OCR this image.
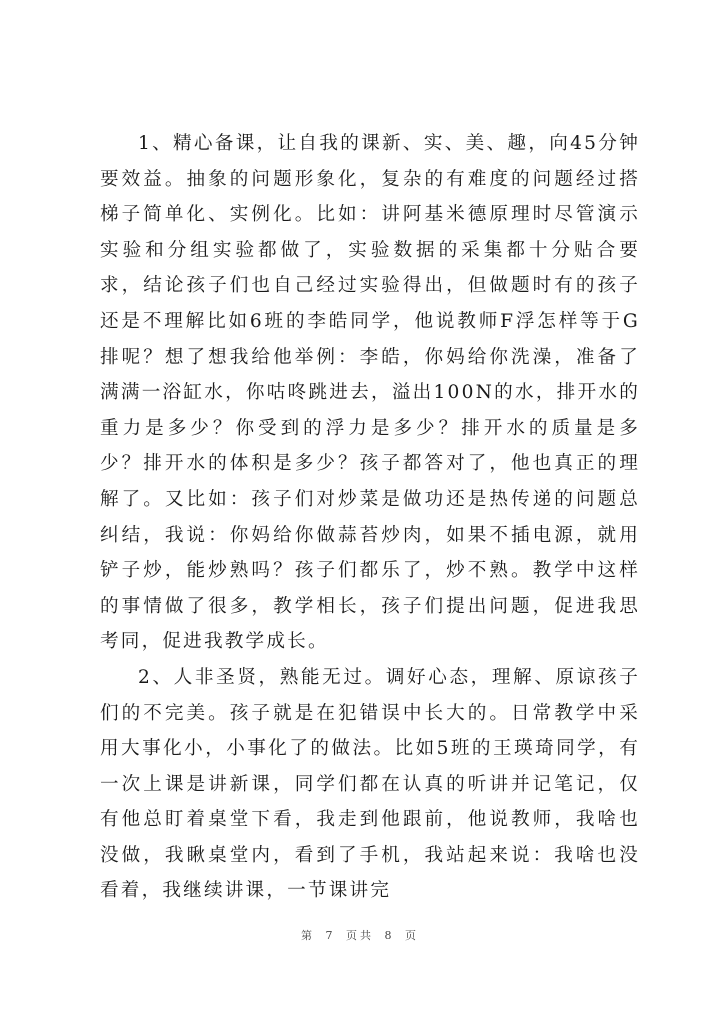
1、精心备课，让自我的课新、实、美、趣，向45分钟要效益。抽象的问题形象化，复杂的有难度的问题经过搭梯子简单化、实例化。比如：讲阿基米德原理时尽管演示实验和分组实验都做了，实验数据的采集都十分贴合要求，结论孩子们也自己经过实验得出，但做题时有的孩子还是不理解比如6班的李皓同学，他说教师F浮怎样等于G排呢？想了想我给他举例：李皓，你妈给你洗澡，准备了满满一浴缸水，你咕咚跳进去，溢出100N的水，排开水的重力是多少？你受到的浮力是多少？排开水的质量是多少？排开水的体积是多少？孩子都答对了，他也真正的理解了。又比如：孩子们对炒菜是做功还是热传递的问题总纠结，我说：你妈给你做蒜苔炒肉，如果不插电源，就用铲子炒，能炒熟吗？孩子们都乐了，炒不熟。教学中这样的事情做了很多，教学相长，孩子们提出问题，促进我思考同，促进我教学成长。

2、人非圣贤，熟能无过。调好心态，理解、原谅孩子们的不完美。孩子就是在犯错误中长大的。日常教学中采用大事化小，小事化了的做法。比如5班的王瑛琦同学，有一次上课是讲新课，同学们都在认真的听讲并记笔记，仅有他总盯着桌堂下看，我走到他跟前，他说教师，我啥也没做，我瞅桌堂内，看到了手机，我站起来说：我啥也没看着，我继续讲课，一节课讲完

第 7 页共 8 页
